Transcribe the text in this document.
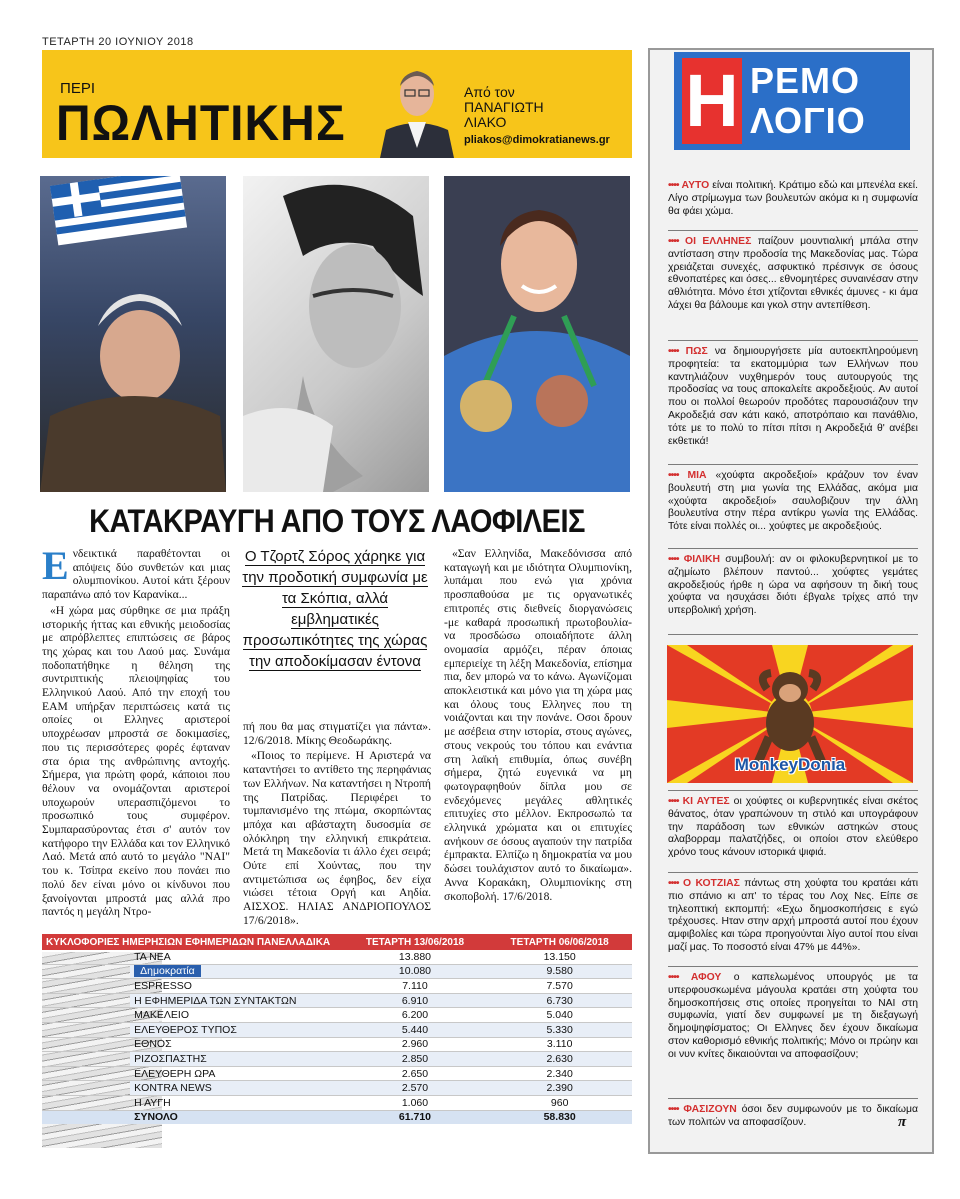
ΤΕΤΑΡΤΗ 20 ΙΟΥΝΙΟΥ 2018
ΠΕΡΙ
ΠΩΛΗΤΙΚΗΣ
Από τον
ΠΑΝΑΓΙΩΤΗ
ΛΙΑΚΟ
pliakos@dimokratianews.gr
ΚΑΤΑΚΡΑΥΓΗ ΑΠΟ ΤΟΥΣ ΛΑΟΦΙΛΕΙΣ

Ενδεικτικά παραθέτονται οι απόψεις δύο συνθετών και μιας ολυμπιονίκου. Αυτοί κάτι ξέρουν παραπάνω από τον Καρανίκα...

«Η χώρα μας σύρθηκε σε μια πράξη ιστορικής ήττας και εθνικής μειοδοσίας με απρόβλεπτες επιπτώσεις σε βάρος της χώρας και του Λαού μας. Συνάμα ποδοπατήθηκε η θέληση της συντριπτικής πλειοψηφίας του Ελληνικού Λαού. Από την εποχή του ΕΑΜ υπήρξαν περιπτώσεις κατά τις οποίες οι Ελληνες αριστεροί υποχρέωσαν μπροστά σε δοκιμασίες, που τις περισσότερες φορές έφταναν στα όρια της ανθρώπινης αντοχής. Σήμερα, για πρώτη φορά, κάποιοι που θέλουν να ονομάζονται αριστεροί υποχωρούν υπερασπιζόμενοι το προσωπικό τους συμφέρον. Συμπαρασύροντας έτσι σ' αυτόν τον κατήφορο την Ελλάδα και τον Ελληνικό Λαό. Μετά από αυτό το μεγάλο "ΝΑΙ" του κ. Τσίπρα εκείνο που πονάει πιο πολύ δεν είναι μόνο οι κίνδυνοι που ξανοίγονται μπροστά μας αλλά προ παντός η μεγάλη Ντρο-

Ο Τζορτζ Σόρος χάρηκε για την προδοτική συμφωνία με τα Σκόπια, αλλά εμβληματικές προσωπικότητες της χώρας την αποδοκίμασαν έντονα

πή που θα μας στιγματίζει για πάντα». 12/6/2018. Μίκης Θεοδωράκης.

«Ποιος το περίμενε. Η Αριστερά να καταντήσει το αντίθετο της περηφάνιας των Ελλήνων. Να καταντήσει η Ντροπή της Πατρίδας. Περιφέρει το τυμπανισμένο της πτώμα, σκορπώντας μπόχα και αβάσταχτη δυσοσμία σε ολόκληρη την ελληνική επικράτεια. Μετά τη Μακεδονία τι άλλο έχει σειρά; Ούτε επί Χούντας, που την αντιμετώπισα ως έφηβος, δεν είχα νιώσει τέτοια Οργή και Αηδία. ΑΙΣΧΟΣ. ΗΛΙΑΣ ΑΝΔΡΙΟΠΟΥΛΟΣ 17/6/2018».

«Σαν Ελληνίδα, Μακεδόνισσα από καταγωγή και με ιδιότητα Ολυμπιονίκη, λυπάμαι που ενώ για χρόνια προσπαθούσα με τις οργανωτικές επιτροπές στις διεθνείς διοργανώσεις -με καθαρά προσωπική πρωτοβουλία- να προσδώσω οποιαδήποτε άλλη ονομασία αρμόζει, πέραν όποιας εμπεριείχε τη λέξη Μακεδονία, επίσημα πια, δεν μπορώ να το κάνω. Αγωνίζομαι αποκλειστικά και μόνο για τη χώρα μας και όλους τους Ελληνες που τη νοιάζονται και την πονάνε. Οσοι δρουν με ασέβεια στην ιστορία, στους αγώνες, στους νεκρούς του τόπου και ενάντια στη λαϊκή επιθυμία, όπως συνέβη σήμερα, ζητώ ευγενικά να μη φωτογραφηθούν δίπλα μου σε ενδεχόμενες μεγάλες αθλητικές επιτυχίες στο μέλλον. Εκπροσωπώ τα ελληνικά χρώματα και οι επιτυχίες ανήκουν σε όσους αγαπούν την πατρίδα έμπρακτα. Ελπίζω η δημοκρατία να μου δώσει τουλάχιστον αυτό το δικαίωμα». Αννα Κορακάκη, Ολυμπιονίκης στη σκοποβολή. 17/6/2018.

ΚΥΚΛΟΦΟΡΙΕΣ ΗΜΕΡΗΣΙΩΝ ΕΦΗΜΕΡΙΔΩΝ ΠΑΝΕΛΛΑΔΙΚΑ		ΤΕΤΑΡΤΗ 13/06/2018	ΤΕΤΑΡΤΗ 06/06/2018
	ΤΑ ΝΕΑ	13.880	13.150
	Δημοκρατία	10.080	9.580
	ESPRESSO	7.110	7.570
	Η ΕΦΗΜΕΡΙΔΑ ΤΩΝ ΣΥΝΤΑΚΤΩΝ	6.910	6.730
	ΜΑΚΕΛΕΙΟ	6.200	5.040
	ΕΛΕΥΘΕΡΟΣ ΤΥΠΟΣ	5.440	5.330
	ΕΘΝΟΣ	2.960	3.110
	ΡΙΖΟΣΠΑΣΤΗΣ	2.850	2.630
	ΕΛΕΥΘΕΡΗ ΩΡΑ	2.650	2.340
	KONTRA NEWS	2.570	2.390
	Η ΑΥΓΗ	1.060	960
	ΣΥΝΟΛΟ	61.710	58.830
Η ΡΕΜΟ
ΛΟΓΙΟ
•••• ΑΥΤΟ είναι πολιτική. Κράτιμο εδώ και μπενέλα εκεί. Λίγο στρίμωγμα των βουλευτών ακόμα κι η συμφωνία θα φάει χώμα.
•••• ΟΙ ΕΛΛΗΝΕΣ παίζουν μουντιαλική μπάλα στην αντίσταση στην προδοσία της Μακεδονίας μας. Τώρα χρειάζεται συνεχές, ασφυκτικό πρέσινγκ σε όσους εθνοπατέρες και όσες... εθνομητέρες συναινέσαν στην αθλιότητα. Μόνο έτσι χτίζονται εθνικές άμυνες - κι άμα λάχει θα βάλουμε και γκολ στην αντεπίθεση.
•••• ΠΩΣ να δημιουργήσετε μία αυτοεκπληρούμενη προφητεία: τα εκατομμύρια των Ελλήνων που καντηλιάζουν νυχθημερόν τους αυτουργούς της προδοσίας να τους αποκαλείτε ακροδεξιούς. Αν αυτοί που οι πολλοί θεωρούν προδότες παρουσιάζουν την Ακροδεξιά σαν κάτι κακό, αποτρόπαιο και πανάθλιο, τότε με το πολύ το πίτσι πίτσι η Ακροδεξιά θ' ανέβει εκθετικά!
•••• ΜΙΑ «χούφτα ακροδεξιοί» κράζουν τον έναν βουλευτή στη μια γωνία της Ελλάδας, ακόμα μια «χούφτα ακροδεξιοί» σαυλοβιζουν την άλλη βουλευτίνα στην πέρα αντίκρυ γωνία της Ελλάδας. Τότε είναι πολλές οι... χούφτες με ακροδεξιούς.
•••• ΦΙΛΙΚΗ συμβουλή: αν οι φιλοκυβερνητικοί με το αζημίωτο βλέπουν παντού... χούφτες γεμάτες ακροδεξιούς ήρθε η ώρα να αφήσουν τη δική τους χούφτα να ησυχάσει διότι έβγαλε τρίχες από την υπερβολική χρήση.
•••• ΚΙ ΑΥΤΕΣ οι χούφτες οι κυβερνητικές είναι σκέτος θάνατος, όταν γραπώνουν τη στιλό και υπογράφουν την παράδοση των εθνικών αστηκών στους αλαβορραμ παλατζήδες, οι οποίοι στον ελεύθερο χρόνο τους κάνουν ιστορικά ψιφιά.
•••• Ο ΚΟΤΖΙΑΣ πάντως στη χούφτα του κρατάει κάτι πιο σπάνιο κι απ' το τέρας του Λοχ Νες. Είπε σε τηλεοπτική εκπομπή: «Εχω δημοσκοπήσεις ε εγώ τρέχουσες. Ηταν στην αρχή μπροστά αυτοί που έχουν αμφιβολίες και τώρα προηγούνται λίγο αυτοί που είναι μαζί μας. Το ποσοστό είναι 47% με 44%».
•••• ΑΦΟΥ ο καπελωμένος υπουργός με τα υπερφουσκωμένα μάγουλα κρατάει στη χούφτα του δημοσκοπήσεις στις οποίες προηγείται το ΝΑΙ στη συμφωνία, γιατί δεν συμφωνεί με τη διεξαγωγή δημοψηφίσματος; Οι Ελληνες δεν έχουν δικαίωμα στον καθορισμό εθνικής πολιτικής; Μόνο οι πρώην και οι νυν κνίτες δικαιούνται να αποφασίζουν;
•••• ΦΑΣΙΖΟΥΝ όσοι δεν συμφωνούν με το δικαίωμα των πολιτών να αποφασίζουν.
MonkeyDonia
π
